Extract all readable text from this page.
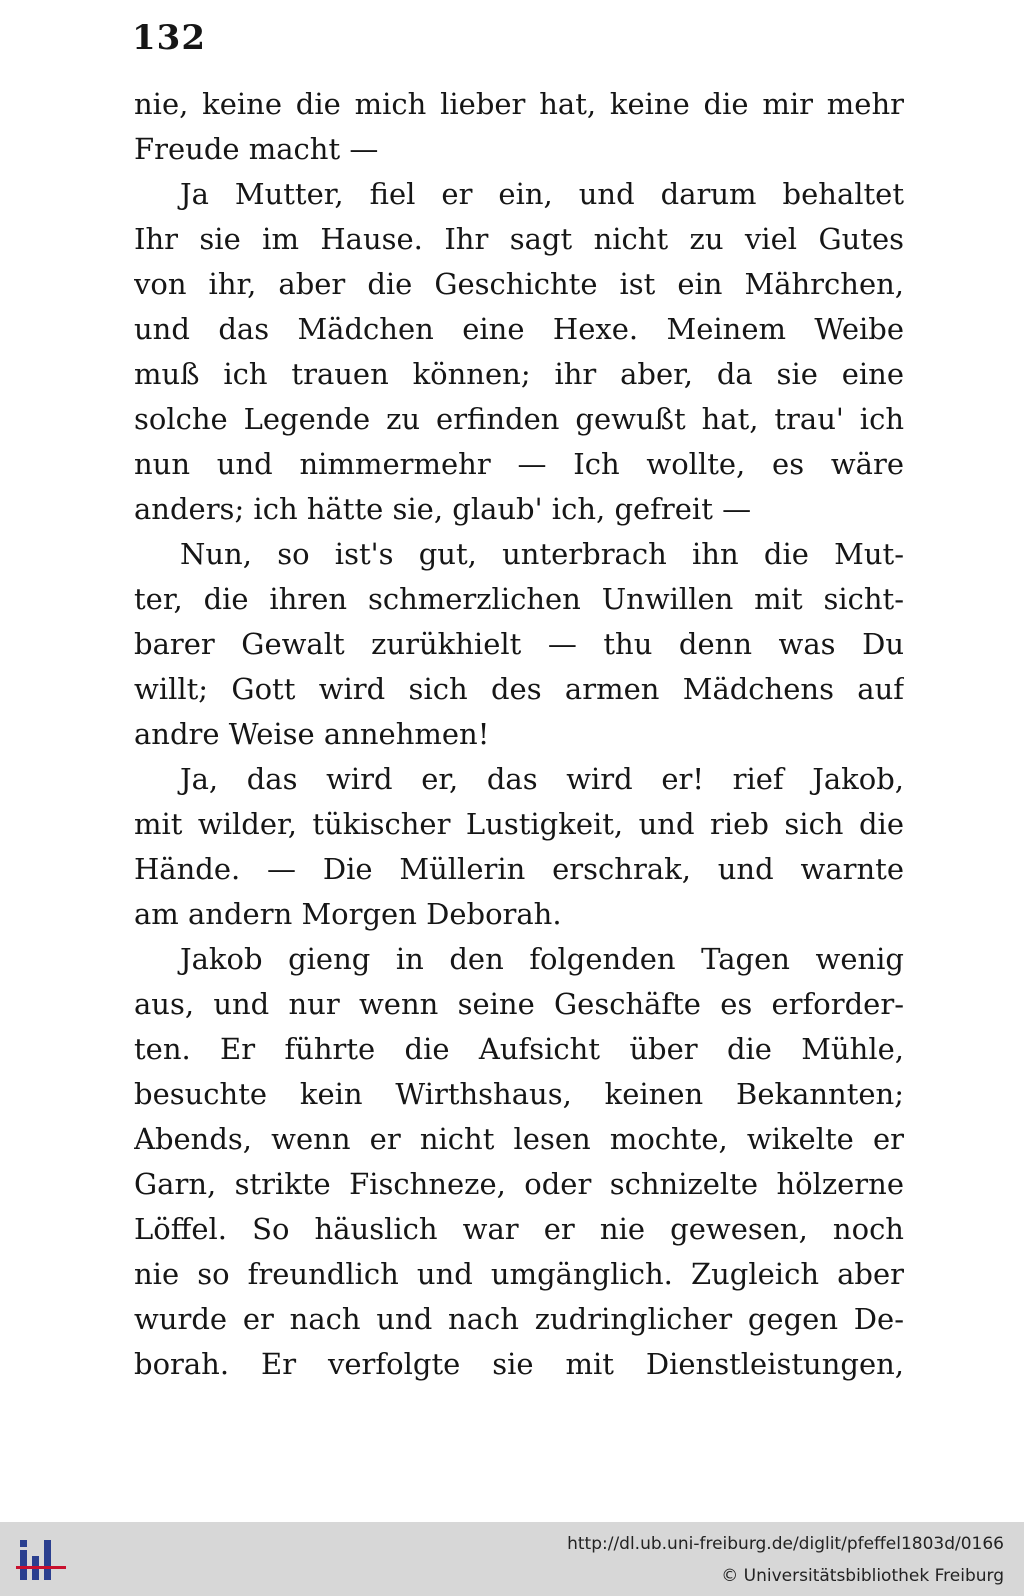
132
nie, keine die mich lieber hat, keine die mir mehr
Freude macht —
Ja Mutter, fiel er ein, und darum behaltet
Ihr sie im Hause. Ihr sagt nicht zu viel Gutes
von ihr, aber die Geschichte ist ein Mährchen,
und das Mädchen eine Hexe. Meinem Weibe
muß ich trauen können; ihr aber, da sie eine
solche Legende zu erfinden gewußt hat, trau' ich
nun und nimmermehr — Ich wollte, es wäre
anders; ich hätte sie, glaub' ich, gefreit —
Nun, so ist's gut, unterbrach ihn die Mut-
ter, die ihren schmerzlichen Unwillen mit sicht-
barer Gewalt zurükhielt — thu denn was Du
willt; Gott wird sich des armen Mädchens auf
andre Weise annehmen!
Ja, das wird er, das wird er! rief Jakob,
mit wilder, tükischer Lustigkeit, und rieb sich die
Hände. — Die Müllerin erschrak, und warnte
am andern Morgen Deborah.
Jakob gieng in den folgenden Tagen wenig
aus, und nur wenn seine Geschäfte es erforder-
ten. Er führte die Aufsicht über die Mühle,
besuchte kein Wirthshaus, keinen Bekannten;
Abends, wenn er nicht lesen mochte, wikelte er
Garn, strikte Fischneze, oder schnizelte hölzerne
Löffel. So häuslich war er nie gewesen, noch
nie so freundlich und umgänglich. Zugleich aber
wurde er nach und nach zudringlicher gegen De-
borah. Er verfolgte sie mit Dienstleistungen,
http://dl.ub.uni-freiburg.de/diglit/pfeffel1803d/0166
© Universitätsbibliothek Freiburg
